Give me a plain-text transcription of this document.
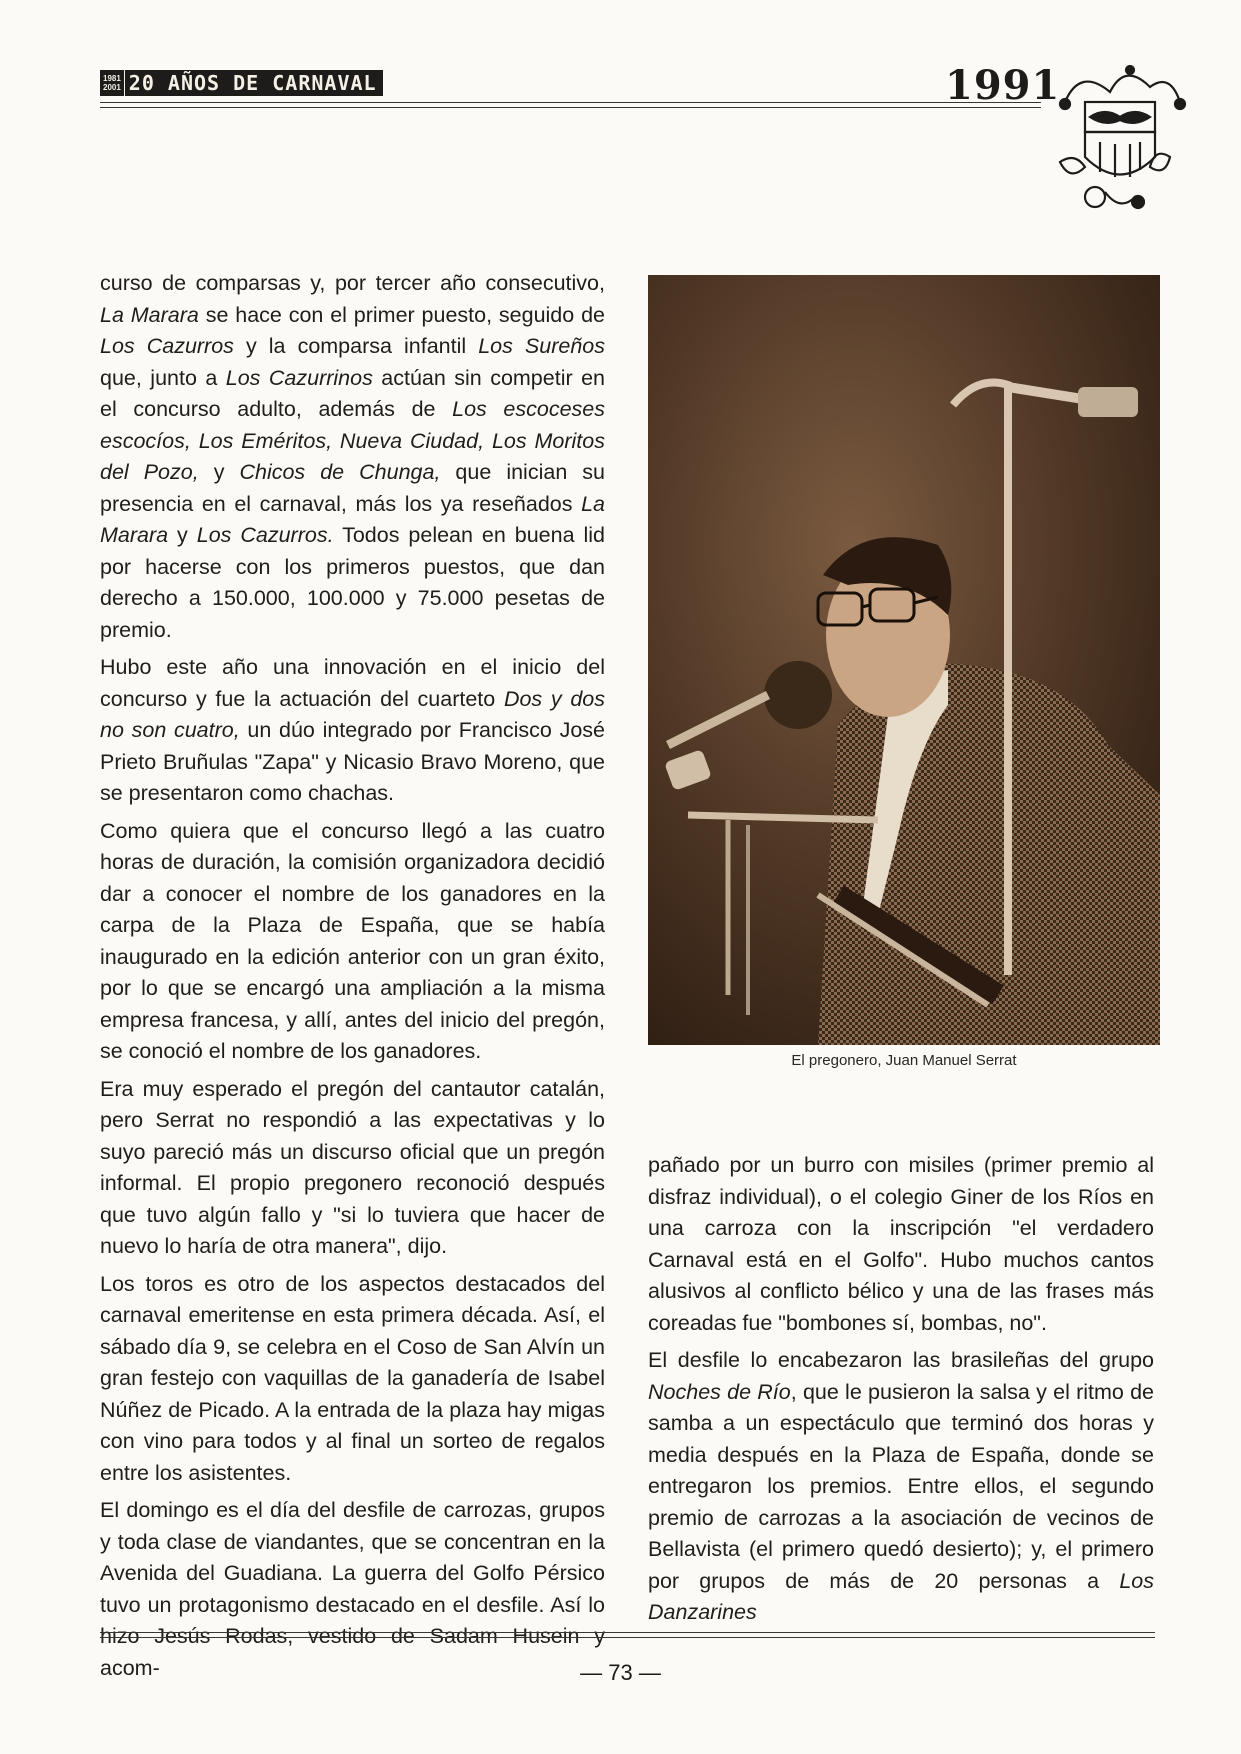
1981
2001 20 AÑOS DE CARNAVAL	1991

curso de comparsas y, por tercer año consecutivo, La Marara se hace con el primer puesto, seguido de Los Cazurros y la comparsa infantil Los Sureños que, junto a Los Cazurrinos actúan sin competir en el concurso adulto, además de Los escoceses escocíos, Los Eméritos, Nueva Ciudad, Los Moritos del Pozo, y Chicos de Chunga, que inician su presencia en el carnaval, más los ya reseñados La Marara y Los Cazurros. Todos pelean en buena lid por hacerse con los primeros puestos, que dan derecho a 150.000, 100.000 y 75.000 pesetas de premio.

Hubo este año una innovación en el inicio del concurso y fue la actuación del cuarteto Dos y dos no son cuatro, un dúo integrado por Francisco José Prieto Bruñulas "Zapa" y Nicasio Bravo Moreno, que se presentaron como chachas.

Como quiera que el concurso llegó a las cuatro horas de duración, la comisión organizadora decidió dar a conocer el nombre de los ganadores en la carpa de la Plaza de España, que se había inaugurado en la edición anterior con un gran éxito, por lo que se encargó una ampliación a la misma empresa francesa, y allí, antes del inicio del pregón, se conoció el nombre de los ganadores.

Era muy esperado el pregón del cantautor catalán, pero Serrat no respondió a las expectativas y lo suyo pareció más un discurso oficial que un pregón informal. El propio pregonero reconoció después que tuvo algún fallo y "si lo tuviera que hacer de nuevo lo haría de otra manera", dijo.

Los toros es otro de los aspectos destacados del carnaval emeritense en esta primera década. Así, el sábado día 9, se celebra en el Coso de San Alvín un gran festejo con vaquillas de la ganadería de Isabel Núñez de Picado. A la entrada de la plaza hay migas con vino para todos y al final un sorteo de regalos entre los asistentes.

El domingo es el día del desfile de carrozas, grupos y toda clase de viandantes, que se concentran en la Avenida del Guadiana. La guerra del Golfo Pérsico tuvo un protagonismo destacado en el desfile. Así lo hizo Jesús Rodas, vestido de Sadam Husein y acom-

El pregonero, Juan Manuel Serrat

pañado por un burro con misiles (primer premio al disfraz individual), o el colegio Giner de los Ríos en una carroza con la inscripción "el verdadero Carnaval está en el Golfo". Hubo muchos cantos alusivos al conflicto bélico y una de las frases más coreadas fue "bombones sí, bombas, no".

El desfile lo encabezaron las brasileñas del grupo Noches de Río, que le pusieron la salsa y el ritmo de samba a un espectáculo que terminó dos horas y media después en la Plaza de España, donde se entregaron los premios. Entre ellos, el segundo premio de carrozas a la asociación de vecinos de Bellavista (el primero quedó desierto); y, el primero por grupos de más de 20 personas a Los Danzarines

— 73 —
